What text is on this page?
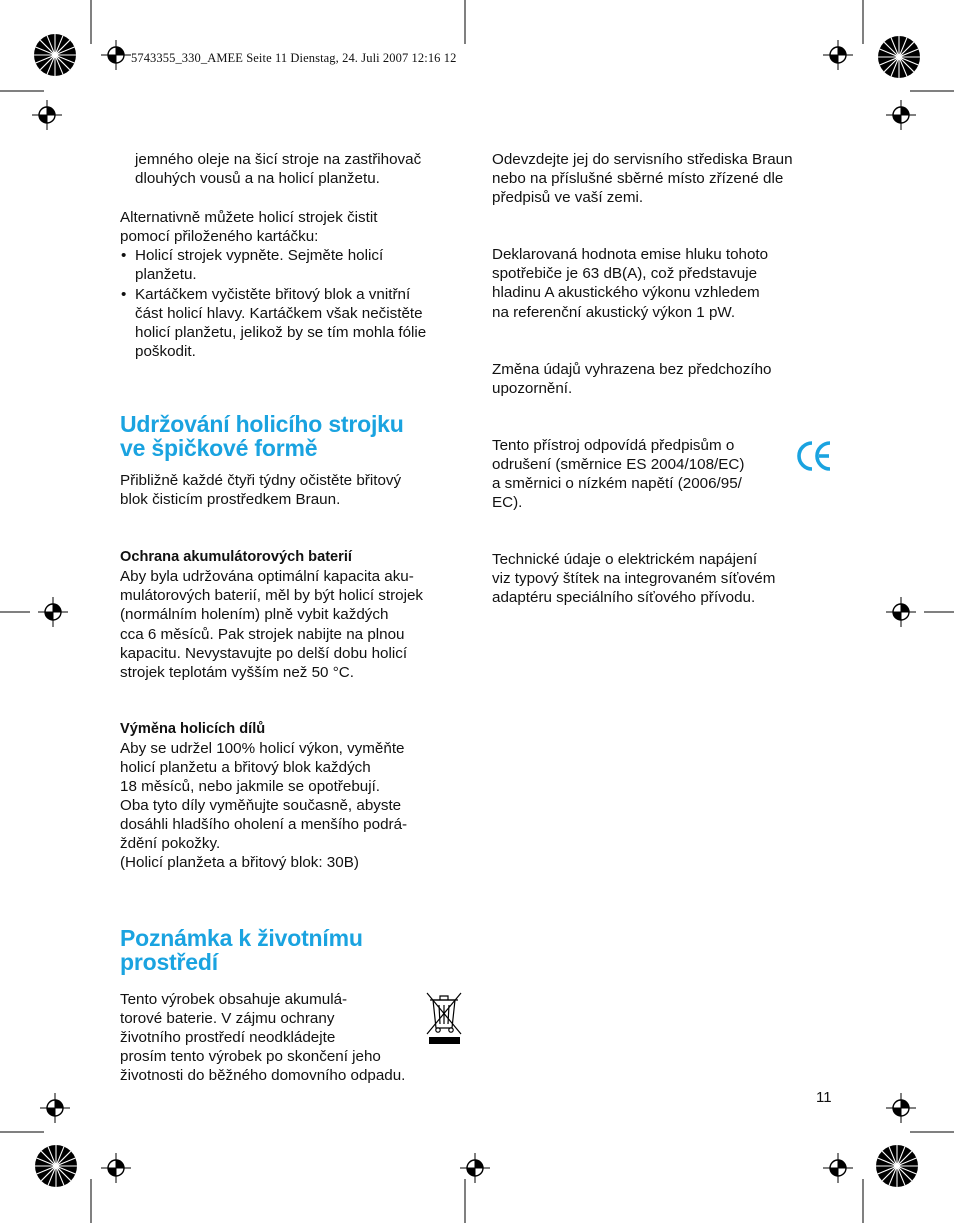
5743355_330_AMEE Seite 11 Dienstag, 24. Juli 2007 12:16 12

jemného oleje na šicí stroje na zastřihovač

dlouhých vousů a na holicí planžetu.

Alternativně můžete holicí strojek čistit

pomocí přiloženého kartáčku:

• Holicí strojek vypněte. Sejměte holicí

planžetu.

• Kartáčkem vyčistěte břitový blok a vnitřní

část holicí hlavy. Kartáčkem však nečistěte

holicí planžetu, jelikož by se tím mohla fólie

poškodit.

Udržování holicího strojku
ve špičkové formě

Přibližně každé čtyři týdny očistěte břitový

blok čisticím prostředkem Braun.

Ochrana akumulátorových baterií

Aby byla udržována optimální kapacita aku-

mulátorových baterií, měl by být holicí strojek

(normálním holením) plně vybit každých

cca 6 měsíců. Pak strojek nabijte na plnou

kapacitu. Nevystavujte po delší dobu holicí

strojek teplotám vyšším než 50 °C.

Výměna holicích dílů

Aby se udržel 100% holicí výkon, vyměňte

holicí planžetu a břitový blok každých

18 měsíců, nebo jakmile se opotřebují.

Oba tyto díly vyměňujte současně, abyste

dosáhli hladšího oholení a menšího podrá-

ždění pokožky.

(Holicí planžeta a břitový blok: 30B)

Poznámka k životnímu
prostředí

Tento výrobek obsahuje akumulá-

torové baterie. V zájmu ochrany

životního prostředí neodkládejte

prosím tento výrobek po skončení jeho

životnosti do běžného domovního odpadu.

Odevzdejte jej do servisního střediska Braun

nebo na příslušné sběrné místo zřízené dle

předpisů ve vaší zemi.

Deklarovaná hodnota emise hluku tohoto

spotřebiče je 63 dB(A), což představuje

hladinu A akustického výkonu vzhledem

na referenční akustický výkon 1 pW.

Změna údajů vyhrazena bez předchozího

upozornění.

Tento přístroj odpovídá předpisům o

odrušení (směrnice ES 2004/108/EC)

a směrnici o nízkém napětí (2006/95/

EC).

Technické údaje o elektrickém napájení

viz typový štítek na integrovaném síťovém

adaptéru speciálního síťového přívodu.

11
